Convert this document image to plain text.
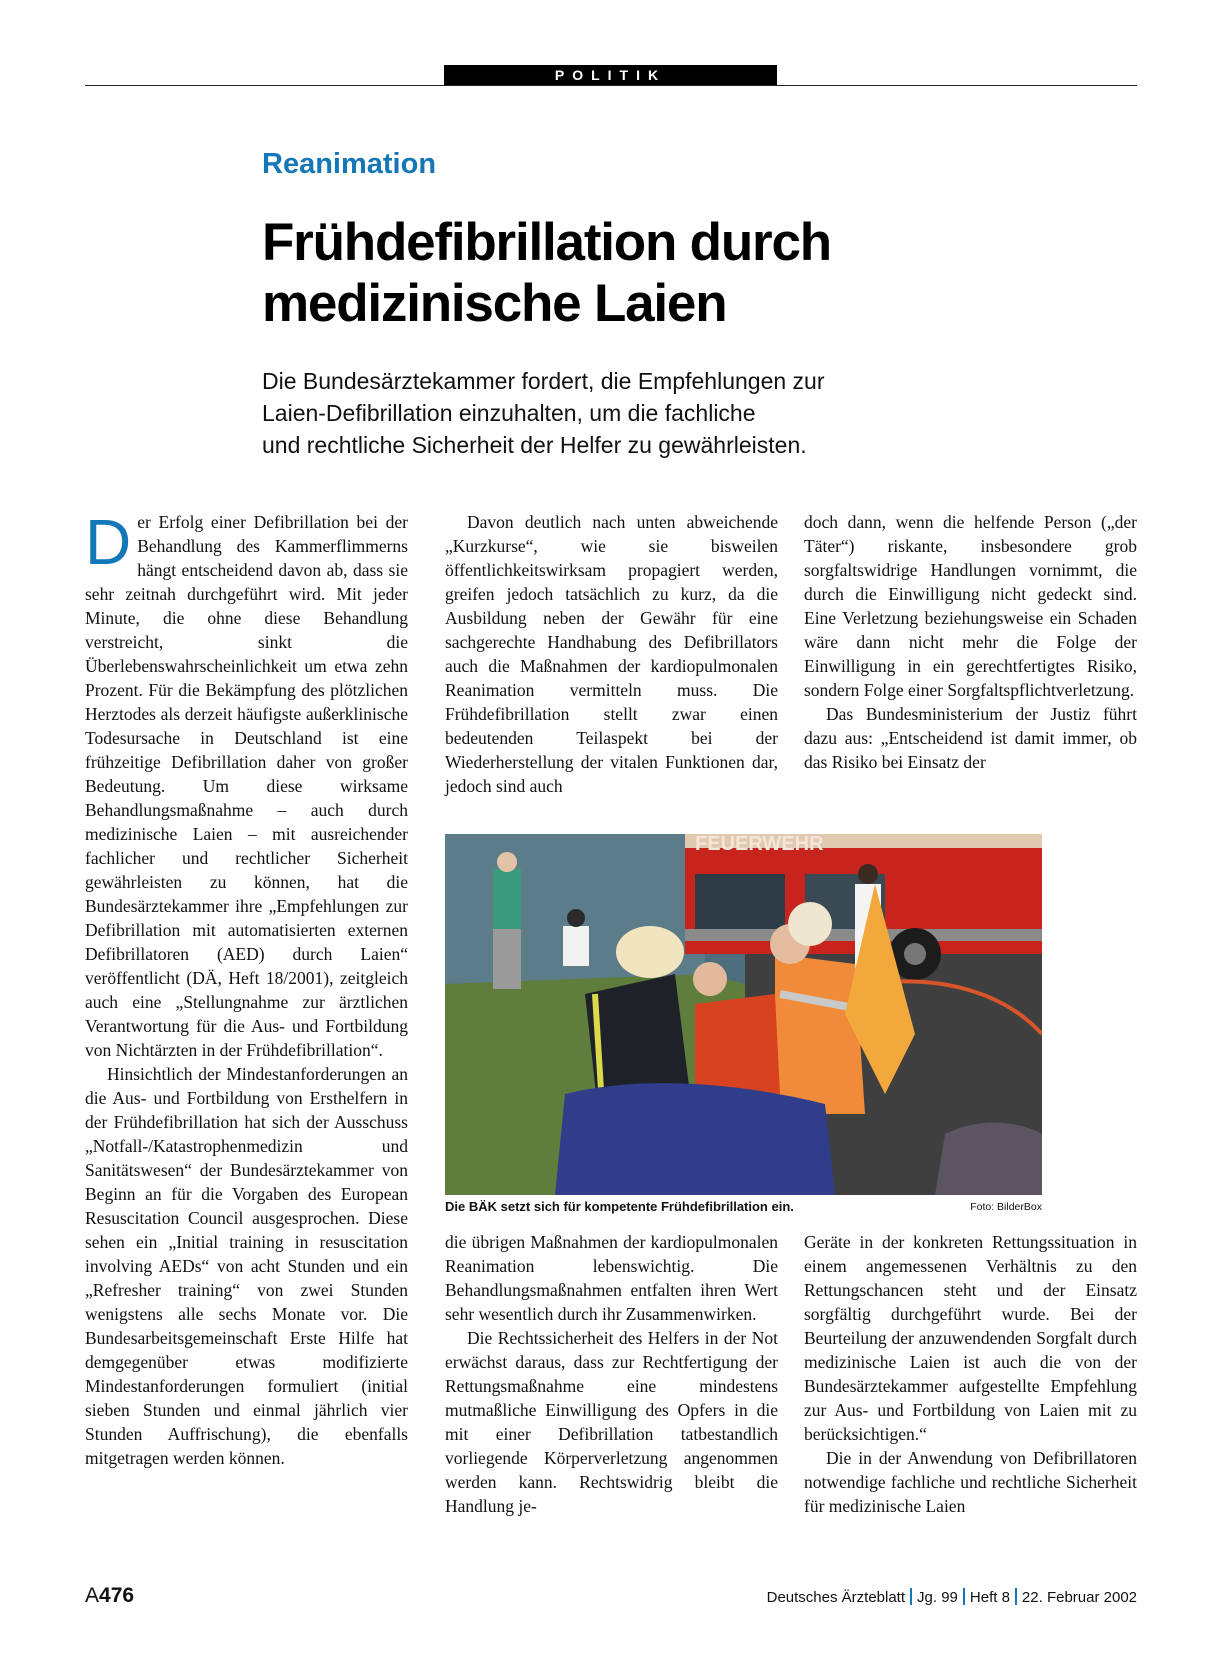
POLITIK
Reanimation
Frühdefibrillation durch
medizinische Laien
Die Bundesärztekammer fordert, die Empfehlungen zur
Laien-Defibrillation einzuhalten, um die fachliche
und rechtliche Sicherheit der Helfer zu gewährleisten.

Der Erfolg einer Defibrillation bei der Behandlung des Kammerflimmerns hängt entscheidend davon ab, dass sie sehr zeitnah durchgeführt wird. Mit jeder Minute, die ohne diese Behandlung verstreicht, sinkt die Überlebenswahrscheinlichkeit um etwa zehn Prozent. Für die Bekämpfung des plötzlichen Herztodes als derzeit häufigste außerklinische Todesursache in Deutschland ist eine frühzeitige Defibrillation daher von großer Bedeutung. Um diese wirksame Behandlungsmaßnahme – auch durch medizinische Laien – mit ausreichender fachlicher und rechtlicher Sicherheit gewährleisten zu können, hat die Bundesärztekammer ihre „Empfehlungen zur Defibrillation mit automatisierten externen Defibrillatoren (AED) durch Laien“ veröffentlicht (DÄ, Heft 18/2001), zeitgleich auch eine „Stellungnahme zur ärztlichen Verantwortung für die Aus- und Fortbildung von Nichtärzten in der Frühdefibrillation“.

Hinsichtlich der Mindestanforderungen an die Aus- und Fortbildung von Ersthelfern in der Frühdefibrillation hat sich der Ausschuss „Notfall-/Katastrophenmedizin und Sanitätswesen“ der Bundesärztekammer von Beginn an für die Vorgaben des European Resuscitation Council ausgesprochen. Diese sehen ein „Initial training in resuscitation involving AEDs“ von acht Stunden und ein „Refresher training“ von zwei Stunden wenigstens alle sechs Monate vor. Die Bundesarbeitsgemeinschaft Erste Hilfe hat demgegenüber etwas modifizierte Mindestanforderungen formuliert (initial sieben Stunden und einmal jährlich vier Stunden Auffrischung), die ebenfalls mitgetragen werden können.

Davon deutlich nach unten abweichende „Kurzkurse“, wie sie bisweilen öffentlichkeitswirksam propagiert werden, greifen jedoch tatsächlich zu kurz, da die Ausbildung neben der Gewähr für eine sachgerechte Handhabung des Defibrillators auch die Maßnahmen der kardiopulmonalen Reanimation vermitteln muss. Die Frühdefibrillation stellt zwar einen bedeutenden Teilaspekt bei der Wiederherstellung der vitalen Funktionen dar, jedoch sind auch

doch dann, wenn die helfende Person („der Täter“) riskante, insbesondere grob sorgfaltswidrige Handlungen vornimmt, die durch die Einwilligung nicht gedeckt sind. Eine Verletzung beziehungsweise ein Schaden wäre dann nicht mehr die Folge der Einwilligung in ein gerechtfertigtes Risiko, sondern Folge einer Sorgfaltspflichtverletzung.

Das Bundesministerium der Justiz führt dazu aus: „Entscheidend ist damit immer, ob das Risiko bei Einsatz der

FEUERWEHR
Die BÄK setzt sich für kompetente Frühdefibrillation ein.	Foto: BilderBox

die übrigen Maßnahmen der kardiopulmonalen Reanimation lebenswichtig. Die Behandlungsmaßnahmen entfalten ihren Wert sehr wesentlich durch ihr Zusammenwirken.

Die Rechtssicherheit des Helfers in der Not erwächst daraus, dass zur Rechtfertigung der Rettungsmaßnahme eine mindestens mutmaßliche Einwilligung des Opfers in die mit einer Defibrillation tatbestandlich vorliegende Körperverletzung angenommen werden kann. Rechtswidrig bleibt die Handlung je-

Geräte in der konkreten Rettungssituation in einem angemessenen Verhältnis zu den Rettungschancen steht und der Einsatz sorgfältig durchgeführt wurde. Bei der Beurteilung der anzuwendenden Sorgfalt durch medizinische Laien ist auch die von der Bundesärztekammer aufgestellte Empfehlung zur Aus- und Fortbildung von Laien mit zu berücksichtigen.“

Die in der Anwendung von Defibrillatoren notwendige fachliche und rechtliche Sicherheit für medizinische Laien

A476	Deutsches Ärzteblatt Jg. 99 Heft 8 22. Februar 2002
